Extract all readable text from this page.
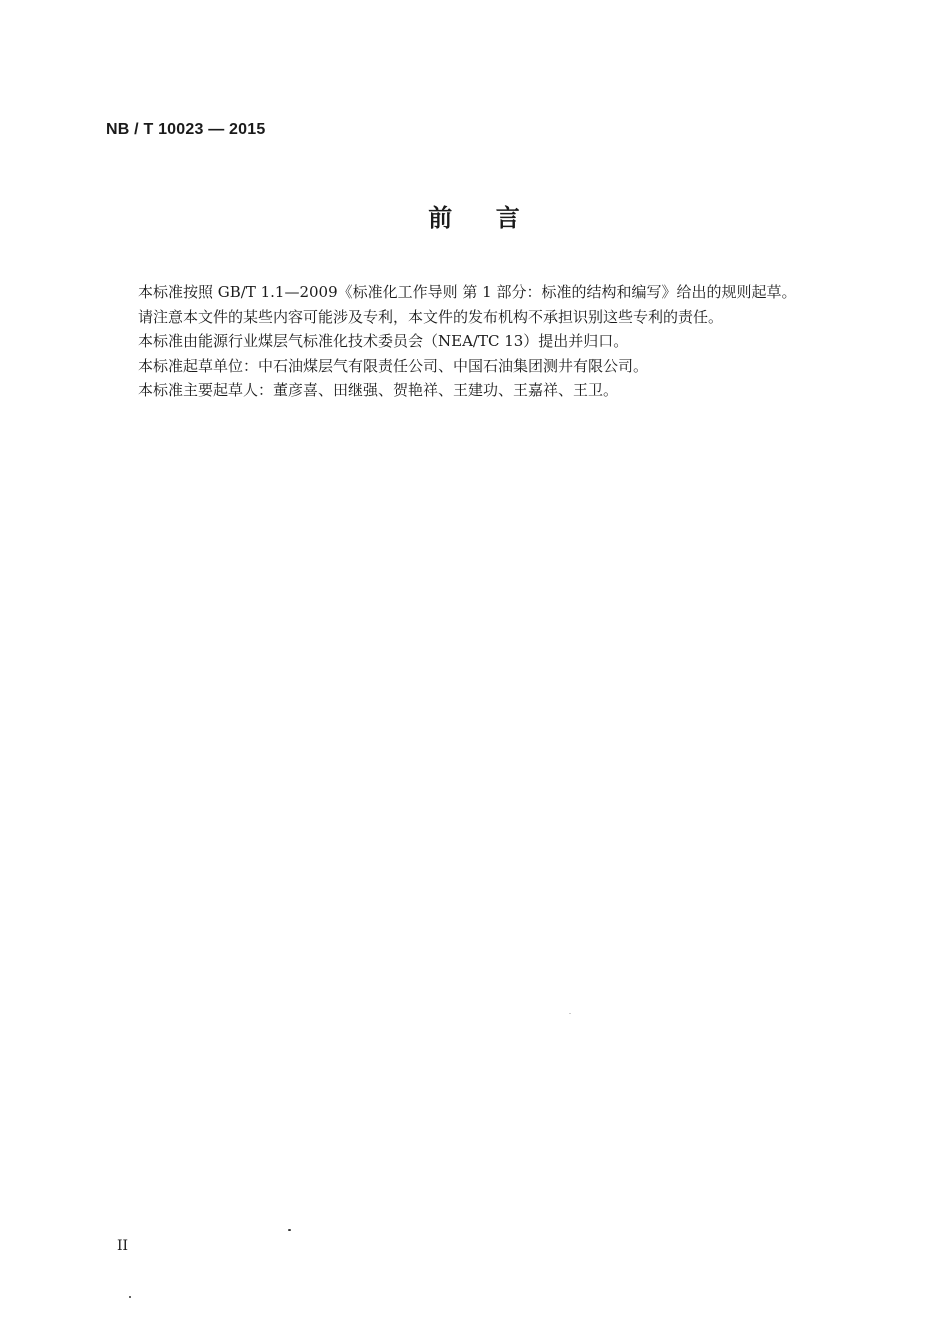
NB / T 10023 — 2015
前    言

本标准按照 GB/T 1.1—2009《标准化工作导则 第 1 部分：标准的结构和编写》给出的规则起草。

请注意本文件的某些内容可能涉及专利，本文件的发布机构不承担识别这些专利的责任。

本标准由能源行业煤层气标准化技术委员会（NEA/TC 13）提出并归口。

本标准起草单位：中石油煤层气有限责任公司、中国石油集团测井有限公司。

本标准主要起草人：董彦喜、田继强、贺艳祥、王建功、王嘉祥、王卫。

II
